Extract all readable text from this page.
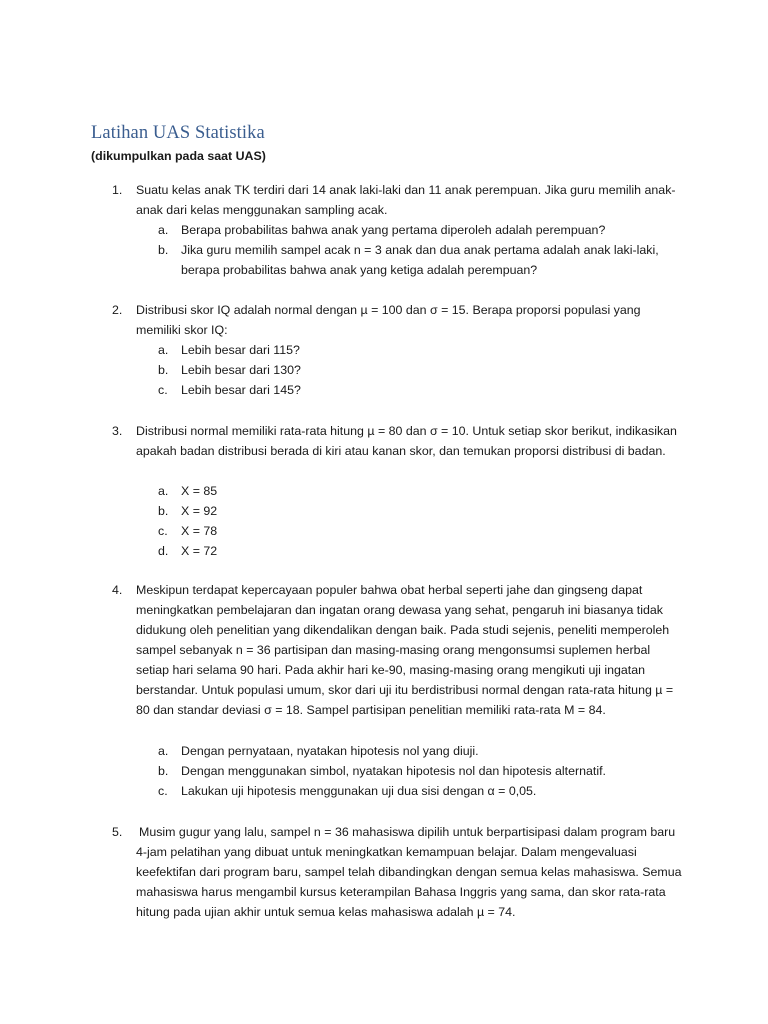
Latihan UAS Statistika

(dikumpulkan pada saat UAS)

1. Suatu kelas anak TK terdiri dari 14 anak laki-laki dan 11 anak perempuan. Jika guru memilih anak-anak dari kelas menggunakan sampling acak.
a. Berapa probabilitas bahwa anak yang pertama diperoleh adalah perempuan?
b. Jika guru memilih sampel acak n = 3 anak dan dua anak pertama adalah anak laki-laki, berapa probabilitas bahwa anak yang ketiga adalah perempuan?
2. Distribusi skor IQ adalah normal dengan µ = 100 dan σ = 15. Berapa proporsi populasi yang memiliki skor IQ:
a. Lebih besar dari 115?
b. Lebih besar dari 130?
c. Lebih besar dari 145?
3. Distribusi normal memiliki rata-rata hitung µ = 80 dan σ = 10. Untuk setiap skor berikut, indikasikan apakah badan distribusi berada di kiri atau kanan skor, dan temukan proporsi distribusi di badan.
a. X = 85
b. X = 92
c. X = 78
d. X = 72
4. Meskipun terdapat kepercayaan populer bahwa obat herbal seperti jahe dan gingseng dapat meningkatkan pembelajaran dan ingatan orang dewasa yang sehat, pengaruh ini biasanya tidak didukung oleh penelitian yang dikendalikan dengan baik. Pada studi sejenis, peneliti memperoleh sampel sebanyak n = 36 partisipan dan masing-masing orang mengonsumsi suplemen herbal setiap hari selama 90 hari. Pada akhir hari ke-90, masing-masing orang mengikuti uji ingatan berstandar. Untuk populasi umum, skor dari uji itu berdistribusi normal dengan rata-rata hitung µ = 80 dan standar deviasi σ = 18. Sampel partisipan penelitian memiliki rata-rata M = 84.
a. Dengan pernyataan, nyatakan hipotesis nol yang diuji.
b. Dengan menggunakan simbol, nyatakan hipotesis nol dan hipotesis alternatif.
c. Lakukan uji hipotesis menggunakan uji dua sisi dengan α = 0,05.
5. Musim gugur yang lalu, sampel n = 36 mahasiswa dipilih untuk berpartisipasi dalam program baru 4-jam pelatihan yang dibuat untuk meningkatkan kemampuan belajar. Dalam mengevaluasi keefektifan dari program baru, sampel telah dibandingkan dengan semua kelas mahasiswa. Semua mahasiswa harus mengambil kursus keterampilan Bahasa Inggris yang sama, dan skor rata-rata hitung pada ujian akhir untuk semua kelas mahasiswa adalah µ = 74.
